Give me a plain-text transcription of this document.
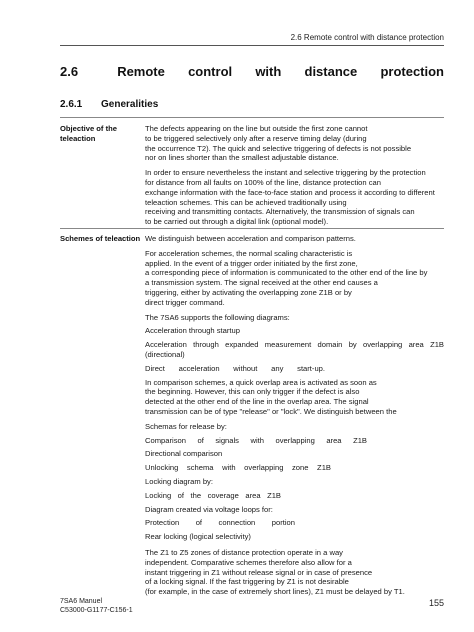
2.6 Remote control with distance protection
2.6	Remote control with distance protection
2.6.1 Generalities
Objective of the teleaction
The defects appearing on the line but outside the first zone cannot
to be triggered selectively only after a reserve timing delay (during
the occurrence T2). The quick and selective triggering of defects is not possible
nor on lines shorter than the smallest adjustable distance.
In order to ensure nevertheless the instant and selective triggering by the protection
for distance from all faults on 100% of the line, distance protection can
exchange information with the face-to-face station and process it according to different
teleaction schemes. This can be achieved traditionally using
receiving and transmitting contacts. Alternatively, the transmission of signals can
to be carried out through a digital link (optional model).
Schemes of teleaction We distinguish between acceleration and comparison patterns.
For acceleration schemes, the normal scaling characteristic is
applied. In the event of a trigger order initiated by the first zone,
a corresponding piece of information is communicated to the other end of the line by
a transmission system. The signal received at the other end causes a
triggering, either by activating the overlapping zone Z1B or by
direct trigger command.
The 7SA6 supports the following diagrams:
Acceleration through startup
Acceleration through expanded measurement domain by overlapping area Z1B
(directional)
Direct acceleration without any start-up.
In comparison schemes, a quick overlap area is activated as soon as
the beginning. However, this can only trigger if the defect is also
detected at the other end of the line in the overlap area. The signal
transmission can be of type "release" or "lock". We distinguish between the
Schemas for release by:
Comparison of signals with overlapping area Z1B
Directional comparison
Unlocking schema with overlapping zone Z1B
Locking diagram by:
Locking of the coverage area Z1B
Diagram created via voltage loops for:
Protection of connection portion
Rear locking (logical selectivity)
The Z1 to Z5 zones of distance protection operate in a way
independent. Comparative schemes therefore also allow for a
instant triggering in Z1 without release signal or in case of presence
of a locking signal. If the fast triggering by Z1 is not desirable
(for example, in the case of extremely short lines), Z1 must be delayed by T1.
7SA6 Manuel
C53000-G1177-C156-1
155
